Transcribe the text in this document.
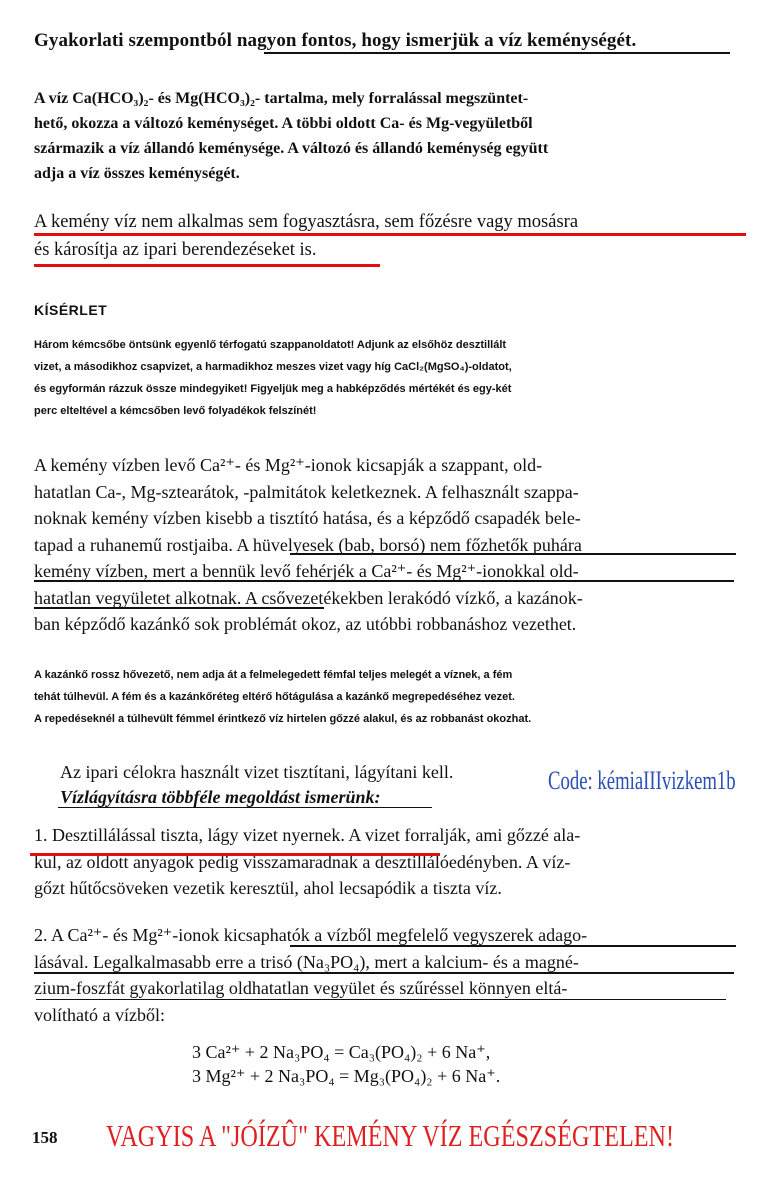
Gyakorlati szempontból nagyon fontos, hogy ismerjük a víz keménységét.
A víz Ca(HCO₃)₂- és Mg(HCO₃)₂- tartalma, mely forralással megszüntet-
hető, okozza a változó keménységet. A többi oldott Ca- és Mg-vegyületből
származik a víz állandó keménysége. A változó és állandó keménység együtt
adja a víz összes keménységét.
A kemény víz nem alkalmas sem fogyasztásra, sem főzésre vagy mosásra
és károsítja az ipari berendezéseket is.
KÍSÉRLET
Három kémcsőbe öntsünk egyenlő térfogatú szappanoldatot! Adjunk az elsőhöz desztillált
vizet, a másodikhoz csapvizet, a harmadikhoz meszes vizet vagy híg CaCl₂(MgSO₄)-oldatot,
és egyformán rázzuk össze mindegyiket! Figyeljük meg a habképződés mértékét és egy-két
perc elteltével a kémcsőben levő folyadékok felszínét!
A kemény vízben levő Ca²⁺- és Mg²⁺-ionok kicsapják a szappant, old-
hatatlan Ca-, Mg-sztearátok, -palmitátok keletkeznek. A felhasznált szappa-
noknak kemény vízben kisebb a tisztító hatása, és a képződő csapadék bele-
tapad a ruhanemű rostjaiba. A hüvelyesek (bab, borsó) nem főzhetők puhára
kemény vízben, mert a bennük levő fehérjék a Ca²⁺- és Mg²⁺-ionokkal old-
hatatlan vegyületet alkotnak. A csővezetékekben lerakódó vízkő, a kazánok-
ban képződő kazánkő sok problémát okoz, az utóbbi robbanáshoz vezethet.
A kazánkő rossz hővezető, nem adja át a felmelegedett fémfal teljes melegét a víznek, a fém
tehát túlhevül. A fém és a kazánkőréteg eltérő hőtágulása a kazánkő megrepedéséhez vezet.
A repedéseknél a túlhevült fémmel érintkező víz hirtelen gőzzé alakul, és az robbanást okozhat.
Az ipari célokra használt vizet tisztítani, lágyítani kell.
Vízlágyításra többféle megoldást ismerünk:
Code: kémiaIIIvizkem1b
1. Desztillálással tiszta, lágy vizet nyernek. A vizet forralják, ami gőzzé ala-
kul, az oldott anyagok pedig visszamaradnak a desztillálóedényben. A víz-
gőzt hűtőcsöveken vezetik keresztül, ahol lecsapódik a tiszta víz.
2. A Ca²⁺- és Mg²⁺-ionok kicsaphatók a vízből megfelelő vegyszerek adago-
lásával. Legalkalmasabb erre a trisó (Na₃PO₄), mert a kalcium- és a magné-
zium-foszfát gyakorlatilag oldhatatlan vegyület és szűréssel könnyen eltá-
volítható a vízből:
3 Ca²⁺ + 2 Na₃PO₄ = Ca₃(PO₄)₂ + 6 Na⁺,
3 Mg²⁺ + 2 Na₃PO₄ = Mg₃(PO₄)₂ + 6 Na⁺.
158 VAGYIS A "JÓÍZÛ" KEMÉNY VÍZ EGÉSZSÉGTELEN!
